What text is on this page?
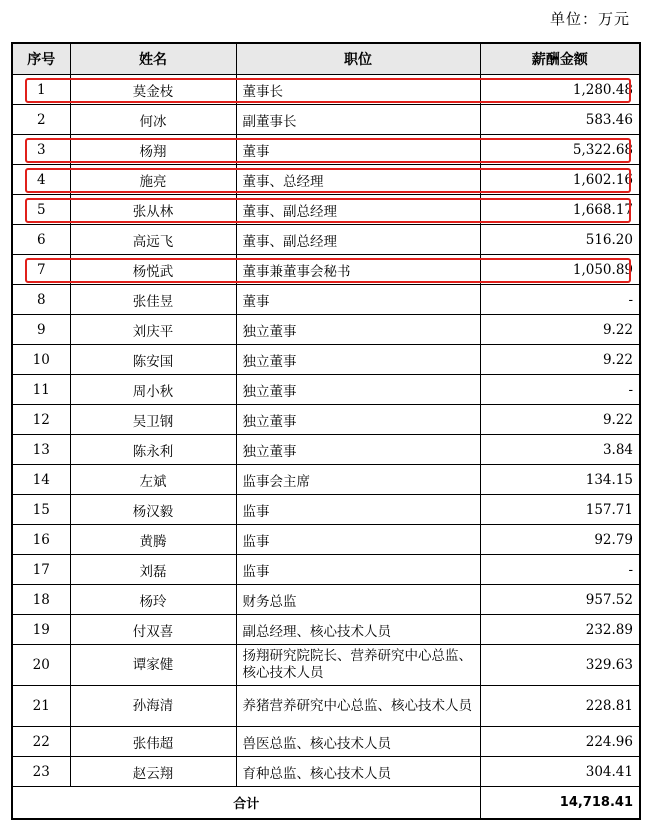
单位：万元
序号	姓名	职位	薪酬金额
1	莫金枝	董事长	1,280.48
2	何冰	副董事长	583.46
3	杨翔	董事	5,322.68
4	施亮	董事、总经理	1,602.16
5	张从林	董事、副总经理	1,668.17
6	高远飞	董事、副总经理	516.20
7	杨悦武	董事兼董事会秘书	1,050.89
8	张佳昱	董事	-
9	刘庆平	独立董事	9.22
10	陈安国	独立董事	9.22
11	周小秋	独立董事	-
12	吴卫钢	独立董事	9.22
13	陈永利	独立董事	3.84
14	左斌	监事会主席	134.15
15	杨汉毅	监事	157.71
16	黄腾	监事	92.79
17	刘磊	监事	-
18	杨玲	财务总监	957.52
19	付双喜	副总经理、核心技术人员	232.89
20	谭家健	扬翔研究院院长、营养研究中心总监、核心技术人员	329.63
21	孙海清	养猪营养研究中心总监、核心技术人员	228.81
22	张伟超	兽医总监、核心技术人员	224.96
23	赵云翔	育种总监、核心技术人员	304.41
合计			14,718.41
